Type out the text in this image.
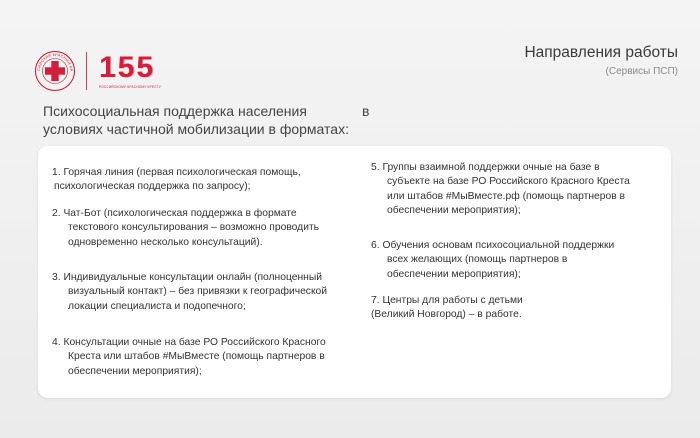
СИЙСКИЙ КРАСНЫЙ КР 155
РОССИЙСКОМУ КРАСНОМУ КРЕСТУ
Направления работы
(Сервисы ПСП)
Психосоциальная поддержка населения	в
условиях частичной мобилизации в форматах:
1. Горячая линия (первая психологическая помощь,
психологическая поддержка по запросу);
2. Чат-Бот (психологическая поддержка в формате
текстового консультирования – возможно проводить
одновременно несколько консультаций).
3. Индивидуальные консультации онлайн (полноценный
визуальный контакт) – без привязки к географической
локации специалиста и подопечного;
4. Консультации очные на базе РО Российского Красного
Креста или штабов #МыВместе (помощь партнеров в
обеспечении мероприятия);
5. Группы взаимной поддержки очные на базе в
субъекте на базе РО Российского Красного Креста
или штабов #МыВместе.рф (помощь партнеров в
обеспечении мероприятия);
6. Обучения основам психосоциальной поддержки
всех желающих (помощь партнеров в
обеспечении мероприятия);
7. Центры для работы с детьми
(Великий Новгород) – в работе.
